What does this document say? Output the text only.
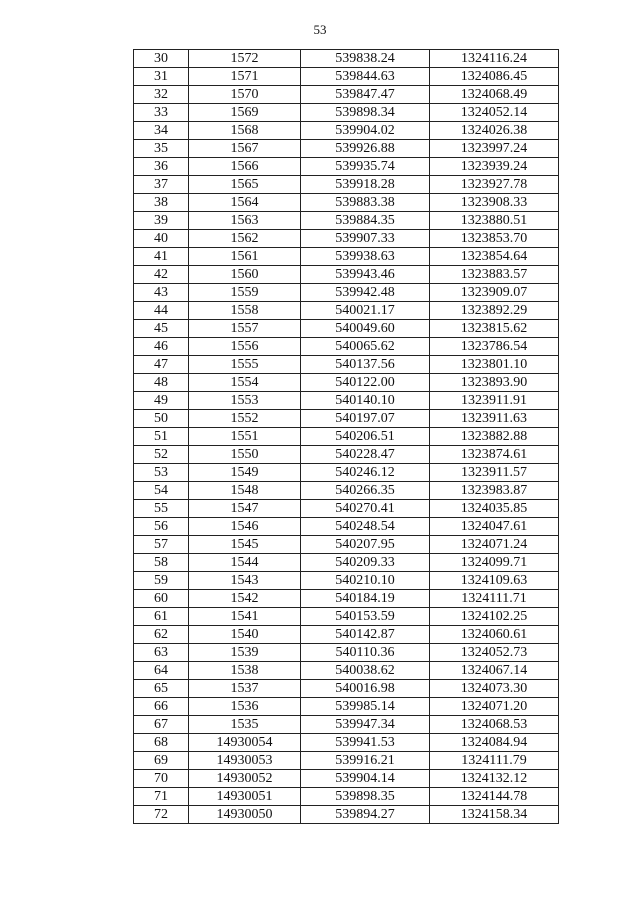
53
30	1572	539838.24	1324116.24
31	1571	539844.63	1324086.45
32	1570	539847.47	1324068.49
33	1569	539898.34	1324052.14
34	1568	539904.02	1324026.38
35	1567	539926.88	1323997.24
36	1566	539935.74	1323939.24
37	1565	539918.28	1323927.78
38	1564	539883.38	1323908.33
39	1563	539884.35	1323880.51
40	1562	539907.33	1323853.70
41	1561	539938.63	1323854.64
42	1560	539943.46	1323883.57
43	1559	539942.48	1323909.07
44	1558	540021.17	1323892.29
45	1557	540049.60	1323815.62
46	1556	540065.62	1323786.54
47	1555	540137.56	1323801.10
48	1554	540122.00	1323893.90
49	1553	540140.10	1323911.91
50	1552	540197.07	1323911.63
51	1551	540206.51	1323882.88
52	1550	540228.47	1323874.61
53	1549	540246.12	1323911.57
54	1548	540266.35	1323983.87
55	1547	540270.41	1324035.85
56	1546	540248.54	1324047.61
57	1545	540207.95	1324071.24
58	1544	540209.33	1324099.71
59	1543	540210.10	1324109.63
60	1542	540184.19	1324111.71
61	1541	540153.59	1324102.25
62	1540	540142.87	1324060.61
63	1539	540110.36	1324052.73
64	1538	540038.62	1324067.14
65	1537	540016.98	1324073.30
66	1536	539985.14	1324071.20
67	1535	539947.34	1324068.53
68	14930054	539941.53	1324084.94
69	14930053	539916.21	1324111.79
70	14930052	539904.14	1324132.12
71	14930051	539898.35	1324144.78
72	14930050	539894.27	1324158.34
